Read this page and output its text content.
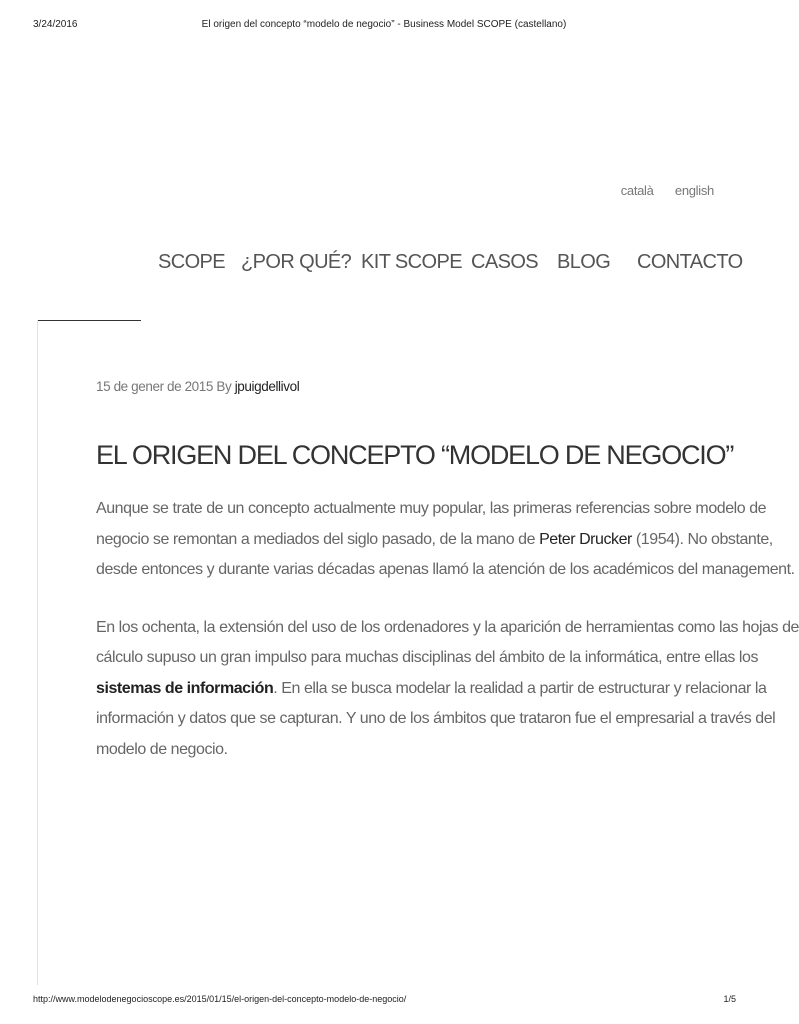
3/24/2016	El origen del concepto “modelo de negocio” - Business Model SCOPE (castellano)
català english
SCOPE ¿POR QUÉ? KIT SCOPE CASOS BLOG CONTACTO
15 de gener de 2015 By jpuigdellivol
EL ORIGEN DEL CONCEPTO “MODELO DE NEGOCIO”

Aunque se trate de un concepto actualmente muy popular, las primeras referencias sobre modelo de
negocio se remontan a mediados del siglo pasado, de la mano de Peter Drucker (1954). No obstante,
desde entonces y durante varias décadas apenas llamó la atención de los académicos del management.

En los ochenta, la extensión del uso de los ordenadores y la aparición de herramientas como las hojas de
cálculo supuso un gran impulso para muchas disciplinas del ámbito de la informática, entre ellas los
sistemas de información. En ella se busca modelar la realidad a partir de estructurar y relacionar la
información y datos que se capturan. Y uno de los ámbitos que trataron fue el empresarial a través del
modelo de negocio.

http://www.modelodenegocioscope.es/2015/01/15/el-origen-del-concepto-modelo-de-negocio/	1/5
